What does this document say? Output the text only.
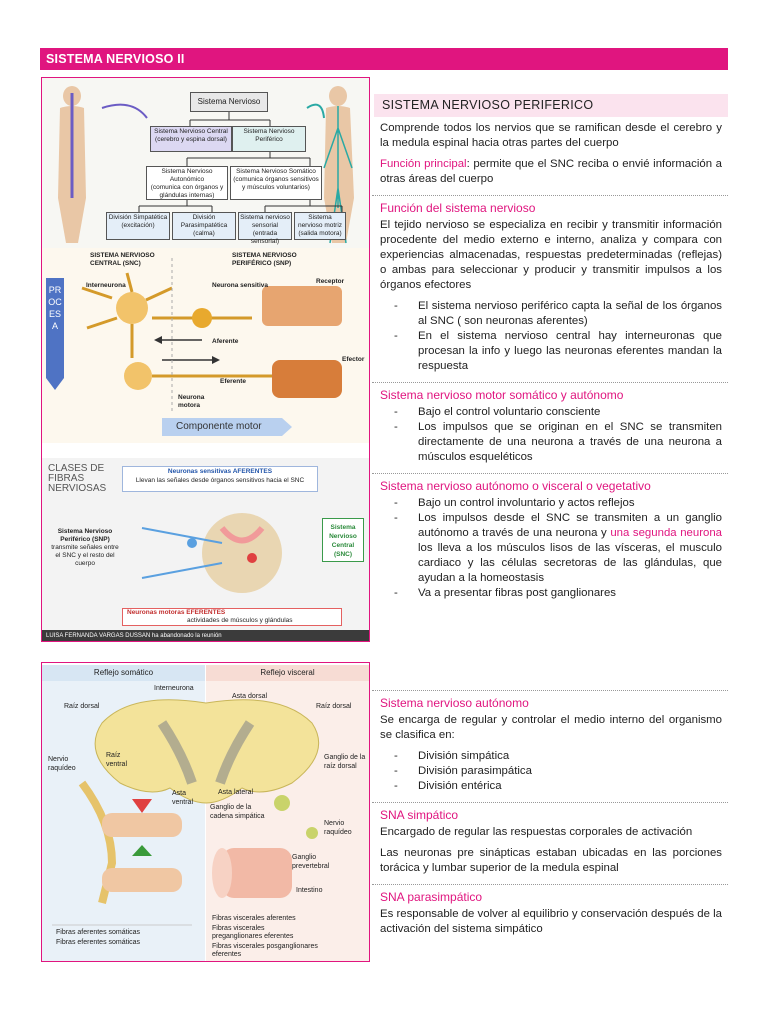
SISTEMA NERVIOSO II
Sistema Nervioso
Sistema Nervioso Central
(cerebro y espina dorsal)
Sistema Nervioso Periférico
Sistema Nervioso Autonómico
(comunica con órganos y glándulas internas)
Sistema Nervioso Somático
(comunica órganos sensitivos y músculos voluntarios)
División Simpatética
(excitación)
División Parasimpatética
(calma)
Sistema nervioso sensorial
(entrada sensorial)
Sistema nervioso motriz
(salida motora)
PROCESA
SISTEMA NERVIOSO CENTRAL (SNC)
SISTEMA NERVIOSO PERIFÉRICO (SNP)
Interneurona	Neurona sensitiva
Receptor
Aferente
Eferente
Efector
Neurona motora
Componente motor
CLASES DE FIBRAS NERVIOSAS
Neuronas sensitivas AFERENTES
Llevan las señales desde órganos sensitivos hacia el SNC
Sistema Nervioso Periférico (SNP)
transmite señales entre el SNC y el resto del cuerpo
Sistema Nervioso Central (SNC)
Neuronas motoras EFERENTES
actividades de músculos y glándulas
LUISA FERNANDA VARGAS DUSSAN ha abandonado la reunión
Reflejo somático	Reflejo visceral
Interneurona
Asta dorsal
Raíz dorsal	Raíz dorsal
Nervio raquídeo
Raíz ventral
Ganglio de la raíz dorsal
Asta ventral
Asta lateral
Ganglio de la cadena simpática
Nervio raquídeo
Ganglio prevertebral
Intestino
Fibras aferentes somáticas
Fibras eferentes somáticas
Fibras viscerales aferentes
Fibras viscerales preganglionares eferentes
Fibras viscerales posganglionares eferentes
SISTEMA NERVIOSO PERIFERICO
Comprende todos los nervios que se ramifican desde el cerebro y la medula espinal hacia otras partes del cuerpo
Función principal: permite que el SNC reciba o envié información a otras áreas del cuerpo
Función del sistema nervioso
El tejido nervioso se especializa en recibir y transmitir información procedente del medio externo e interno, analiza y compara con experiencias almacenadas, respuestas predeterminadas (reflejas) o ambas para seleccionar y producir y transmitir impulsos a los órganos efectores
- El sistema nervioso periférico capta la señal de los órganos al SNC ( son neuronas aferentes)
- En el sistema nervioso central hay interneuronas que procesan la info y luego las neuronas eferentes mandan la respuesta
Sistema nervioso motor somático y autónomo
- Bajo el control voluntario consciente
- Los impulsos que se originan en el SNC se transmiten directamente de una neurona a través de una neurona a músculos esqueléticos
Sistema nervioso autónomo o visceral o vegetativo
- Bajo un control involuntario y actos reflejos
- Los impulsos desde el SNC se transmiten a un ganglio autónomo a través de una neurona y una segunda neurona los lleva a los músculos lisos de las vísceras, el musculo cardiaco y las células secretoras de las glándulas, que ayudan a la homeostasis
- Va a presentar fibras post ganglionares
Sistema nervioso autónomo
Se encarga de regular y controlar el medio interno del organismo se clasifica en:
- División simpática
- División parasimpática
- División entérica
SNA simpático
Encargado de regular las respuestas corporales de activación
Las neuronas pre sinápticas estaban ubicadas en las porciones torácica y lumbar superior de la medula espinal
SNA parasimpático
Es responsable de volver al equilibrio y conservación después de la activación del sistema simpático
